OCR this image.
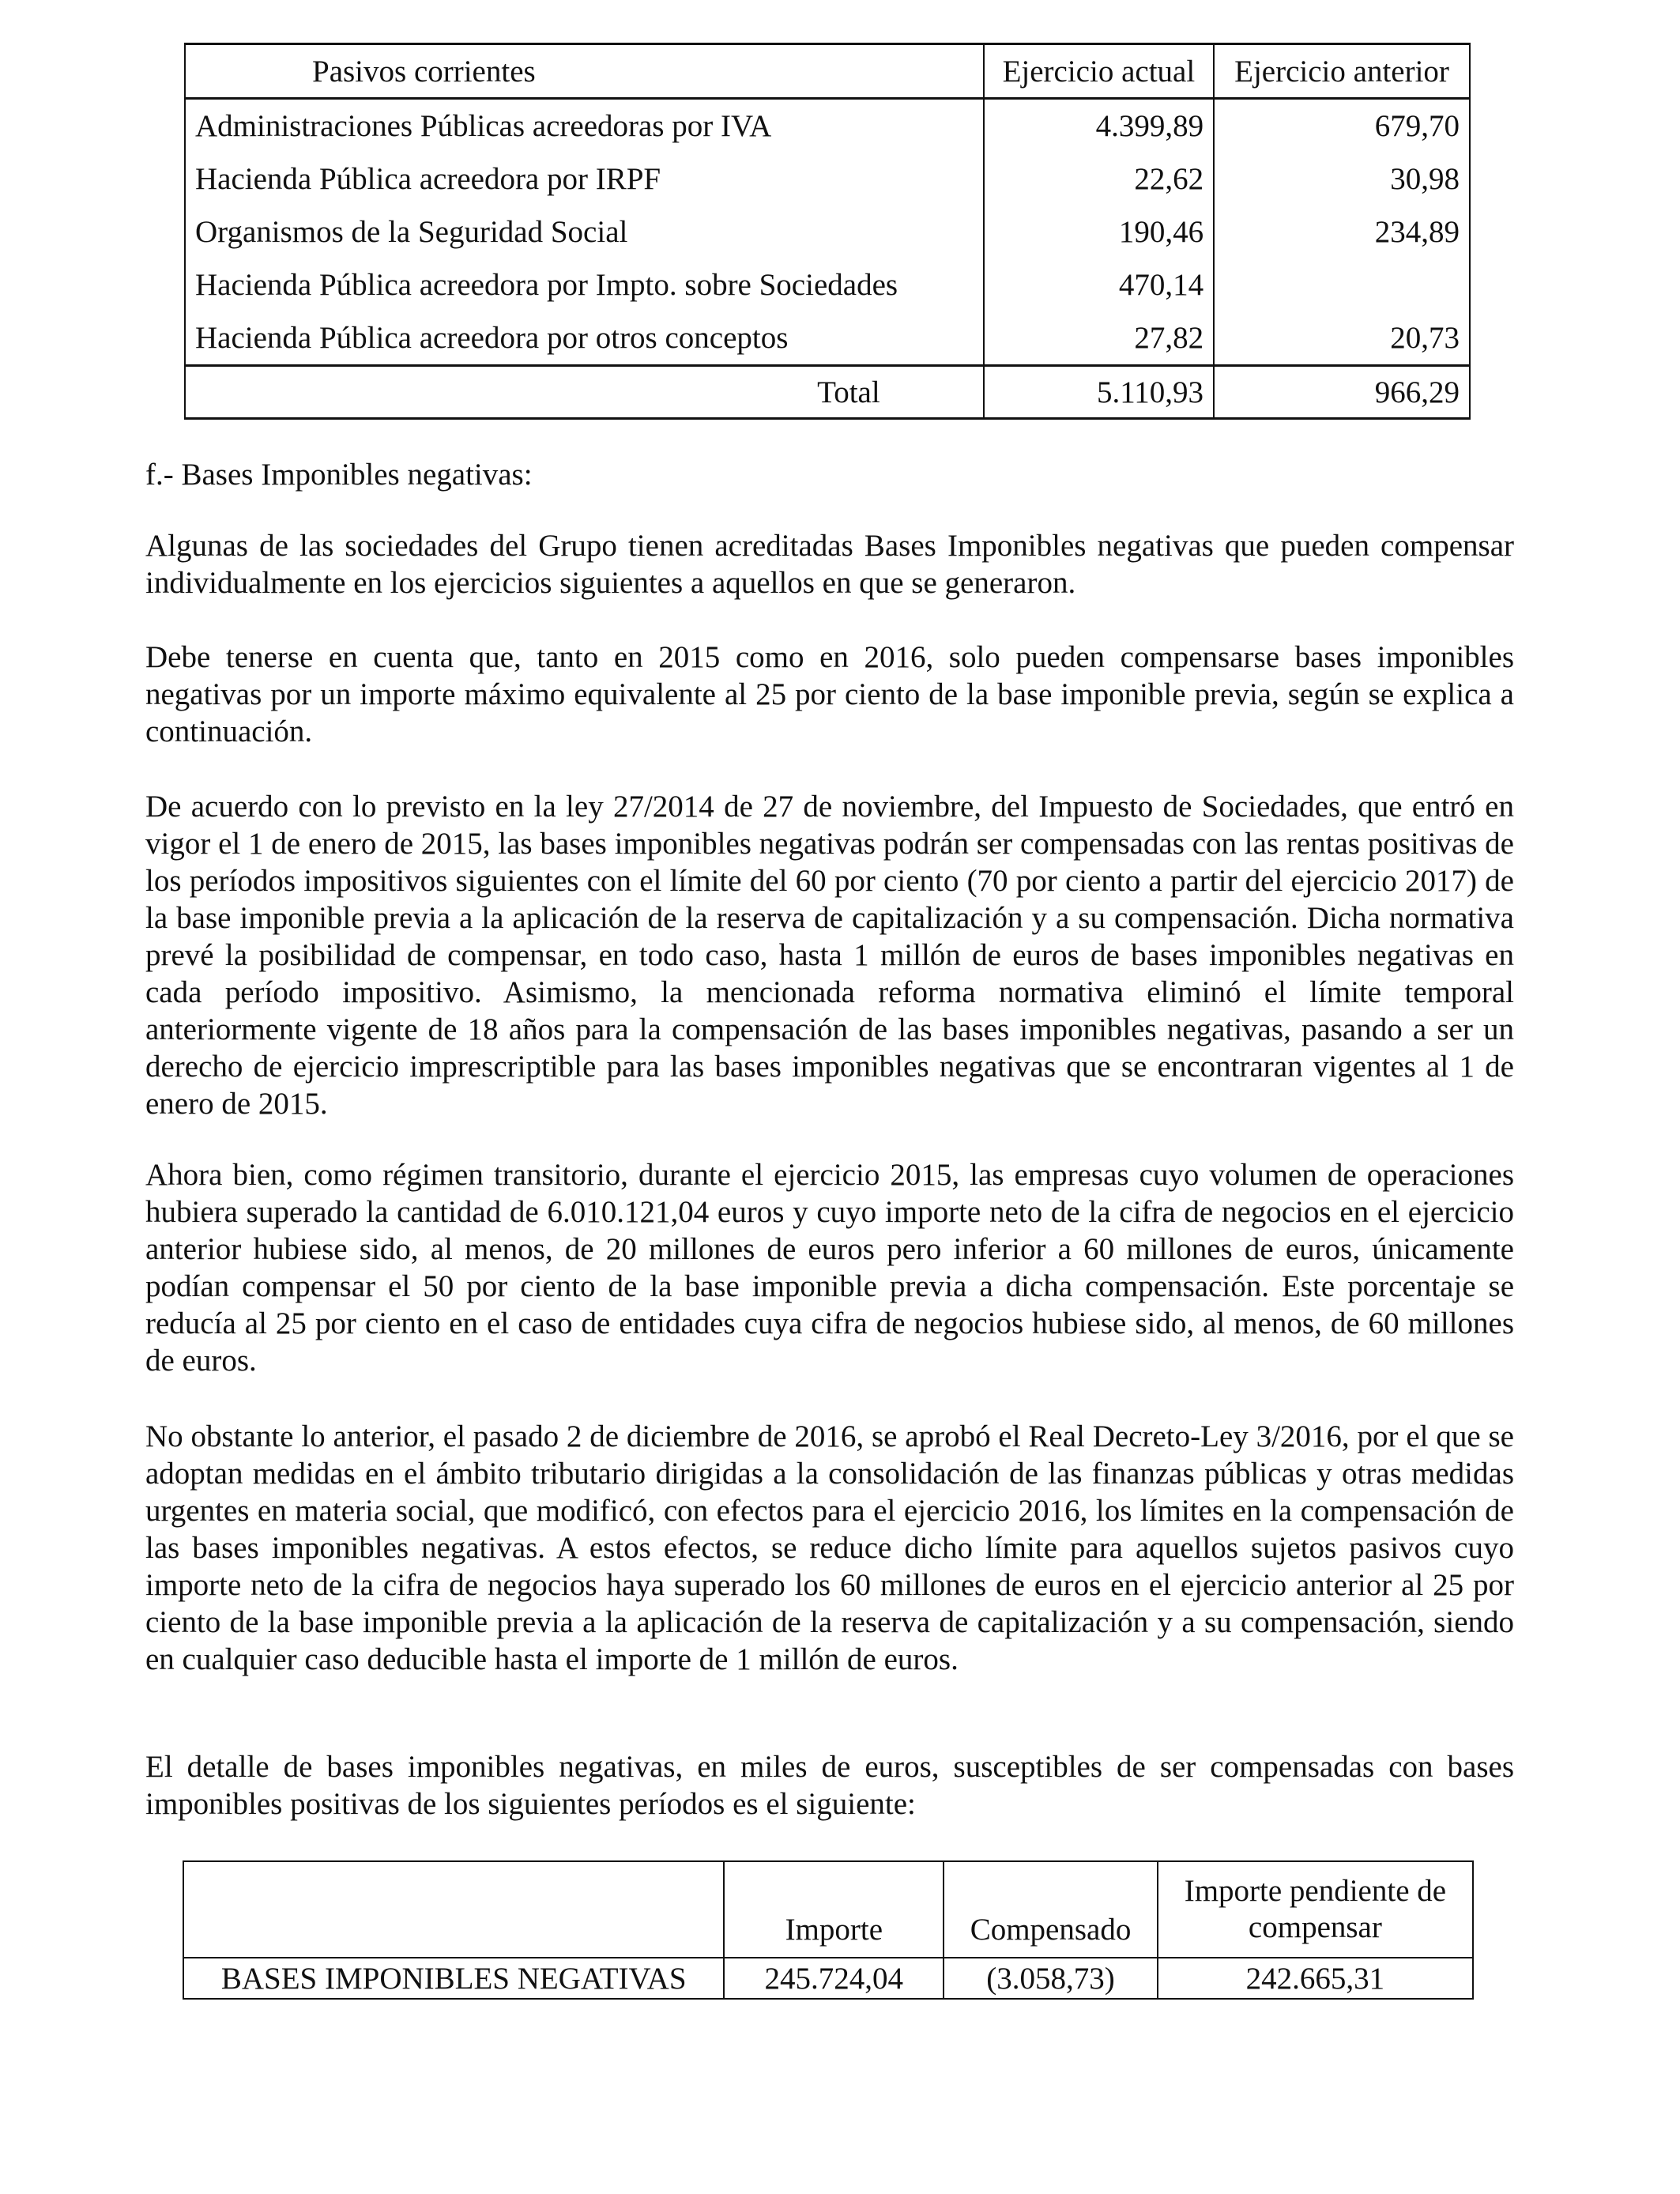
Pasivos corrientes	Ejercicio actual	Ejercicio anterior
Administraciones Públicas acreedoras por IVA	4.399,89	679,70
Hacienda Pública acreedora por IRPF	22,62	30,98
Organismos de la Seguridad Social	190,46	234,89
Hacienda Pública acreedora por Impto. sobre Sociedades	470,14	
Hacienda Pública acreedora por otros conceptos	27,82	20,73
Total	5.110,93	966,29
f.- Bases Imponibles negativas:

Algunas de las sociedades del Grupo tienen acreditadas Bases Imponibles negativas que pueden compensar individualmente en los ejercicios siguientes a aquellos en que se generaron.

Debe tenerse en cuenta que, tanto en 2015 como en 2016, solo pueden compensarse bases imponibles negativas por un importe máximo equivalente al 25 por ciento de la base imponible previa, según se explica a continuación.

De acuerdo con lo previsto en la ley 27/2014 de 27 de noviembre, del Impuesto de Sociedades, que entró en vigor el 1 de enero de 2015, las bases imponibles negativas podrán ser compensadas con las rentas positivas de los períodos impositivos siguientes con el límite del 60 por ciento (70 por ciento a partir del ejercicio 2017) de la base imponible previa a la aplicación de la reserva de capitalización y a su compensación. Dicha normativa prevé la posibilidad de compensar, en todo caso, hasta 1 millón de euros de bases imponibles negativas en cada período impositivo. Asimismo, la mencionada reforma normativa eliminó el límite temporal anteriormente vigente de 18 años para la compensación de las bases imponibles negativas, pasando a ser un derecho de ejercicio imprescriptible para las bases imponibles negativas que se encontraran vigentes al 1 de enero de 2015.

Ahora bien, como régimen transitorio, durante el ejercicio 2015, las empresas cuyo volumen de operaciones hubiera superado la cantidad de 6.010.121,04 euros y cuyo importe neto de la cifra de negocios en el ejercicio anterior hubiese sido, al menos, de 20 millones de euros pero inferior a 60 millones de euros, únicamente podían compensar el 50 por ciento de la base imponible previa a dicha compensación. Este porcentaje se reducía al 25 por ciento en el caso de entidades cuya cifra de negocios hubiese sido, al menos, de 60 millones de euros.

No obstante lo anterior, el pasado 2 de diciembre de 2016, se aprobó el Real Decreto-Ley 3/2016, por el que se adoptan medidas en el ámbito tributario dirigidas a la consolidación de las finanzas públicas y otras medidas urgentes en materia social, que modificó, con efectos para el ejercicio 2016, los límites en la compensación de las bases imponibles negativas. A estos efectos, se reduce dicho límite para aquellos sujetos pasivos cuyo importe neto de la cifra de negocios haya superado los 60 millones de euros en el ejercicio anterior al 25 por ciento de la base imponible previa a la aplicación de la reserva de capitalización y a su compensación, siendo en cualquier caso deducible hasta el importe de 1 millón de euros.

El detalle de bases imponibles negativas, en miles de euros, susceptibles de ser compensadas con bases imponibles positivas de los siguientes períodos es el siguiente:

	Importe	Compensado	Importe pendiente de compensar
BASES IMPONIBLES NEGATIVAS	245.724,04	(3.058,73)	242.665,31
